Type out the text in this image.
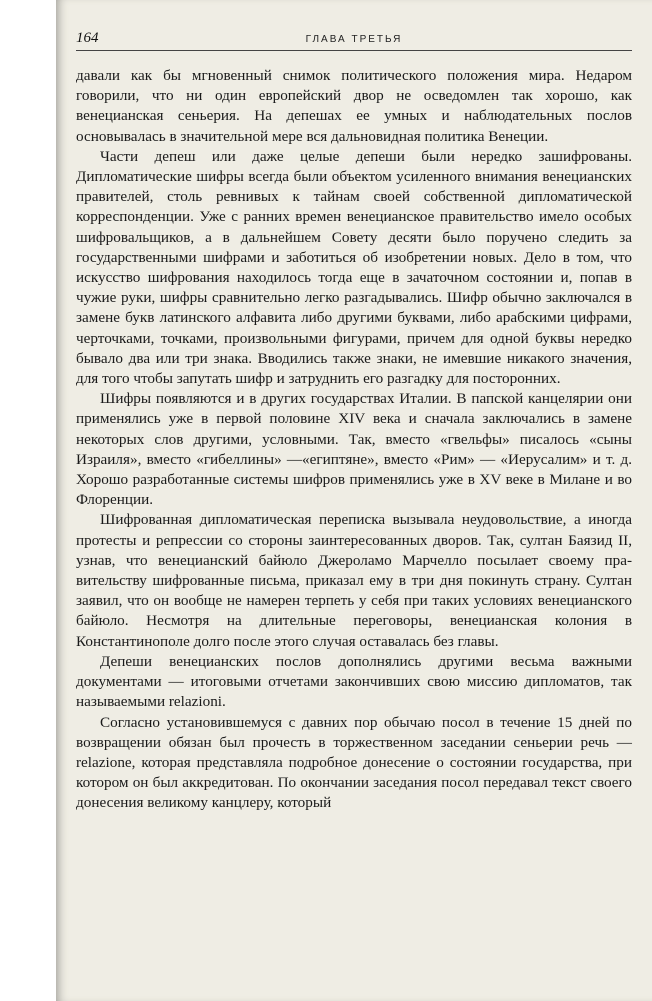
164	ГЛАВА ТРЕТЬЯ

давали как бы мгновенный снимок политического положения мира. Недаром говорили, что ни один европейский двор не осведомлен так хорошо, как венецианская сеньерия. На депешах ее умных и наблюдательных послов основывалась в значительной мере вся дальновидная политика Венеции.

Части депеш или даже целые депеши были нередко зашифрованы. Дипломатические шифры всегда были объектом усиленного внимания венецианских правителей, столь ревнивых к тайнам своей собственной дипломатической корреспонденции. Уже с ранних времен венецианское правительство имело особых шифровальщиков, а в дальнейшем Совету десяти было поручено следить за государственными шифрами и заботиться об изобретении новых. Дело в том, что искусство шифрования находилось тогда еще в зачаточном состоянии и, попав в чужие руки, шифры сравнительно легко разгадывались. Шифр обычно заключался в замене букв латинского алфавита либо другими буквами, либо арабскими цифрами, черточками, точками, произвольными фигурами, причем для одной буквы нередко бывало два или три знака. Вводились также знаки, не имевшие никакого значения, для того чтобы запутать шифр и затруднить его разгадку для посторонних.

Шифры появляются и в других государствах Италии. В папской канцелярии они применялись уже в первой половине XIV века и сначала заключались в замене некоторых слов другими, условными. Так, вместо «гвельфы» писалось «сыны Израиля», вместо «гибеллины» —«египтяне», вместо «Рим» — «Иерусалим» и т. д. Хорошо разработанные системы шифров применялись уже в XV веке в Милане и во Флоренции.

Шифрованная дипломатическая переписка вызывала неудовольствие, а иногда протесты и репрессии со стороны заинтересованных дворов. Так, султан Баязид II, узнав, что венецианский байюло Джероламо Марчелло посылает своему правительству шифрованные письма, приказал ему в три дня покинуть страну. Султан заявил, что он вообще не намерен терпеть у себя при таких условиях венецианского байюло. Несмотря на длительные переговоры, венецианская колония в Константинополе долго после этого случая оставалась без главы.

Депеши венецианских послов дополнялись другими весьма важными документами — итоговыми отчетами закончивших свою миссию дипломатов, так называемыми relazioni.

Согласно установившемуся с давних пор обычаю посол в течение 15 дней по возвращении обязан был прочесть в торжественном заседании сеньерии речь — relazione, которая представляла подробное донесение о состоянии государства, при котором он был аккредитован. По окончании заседания посол передавал текст своего донесения великому канцлеру, который
